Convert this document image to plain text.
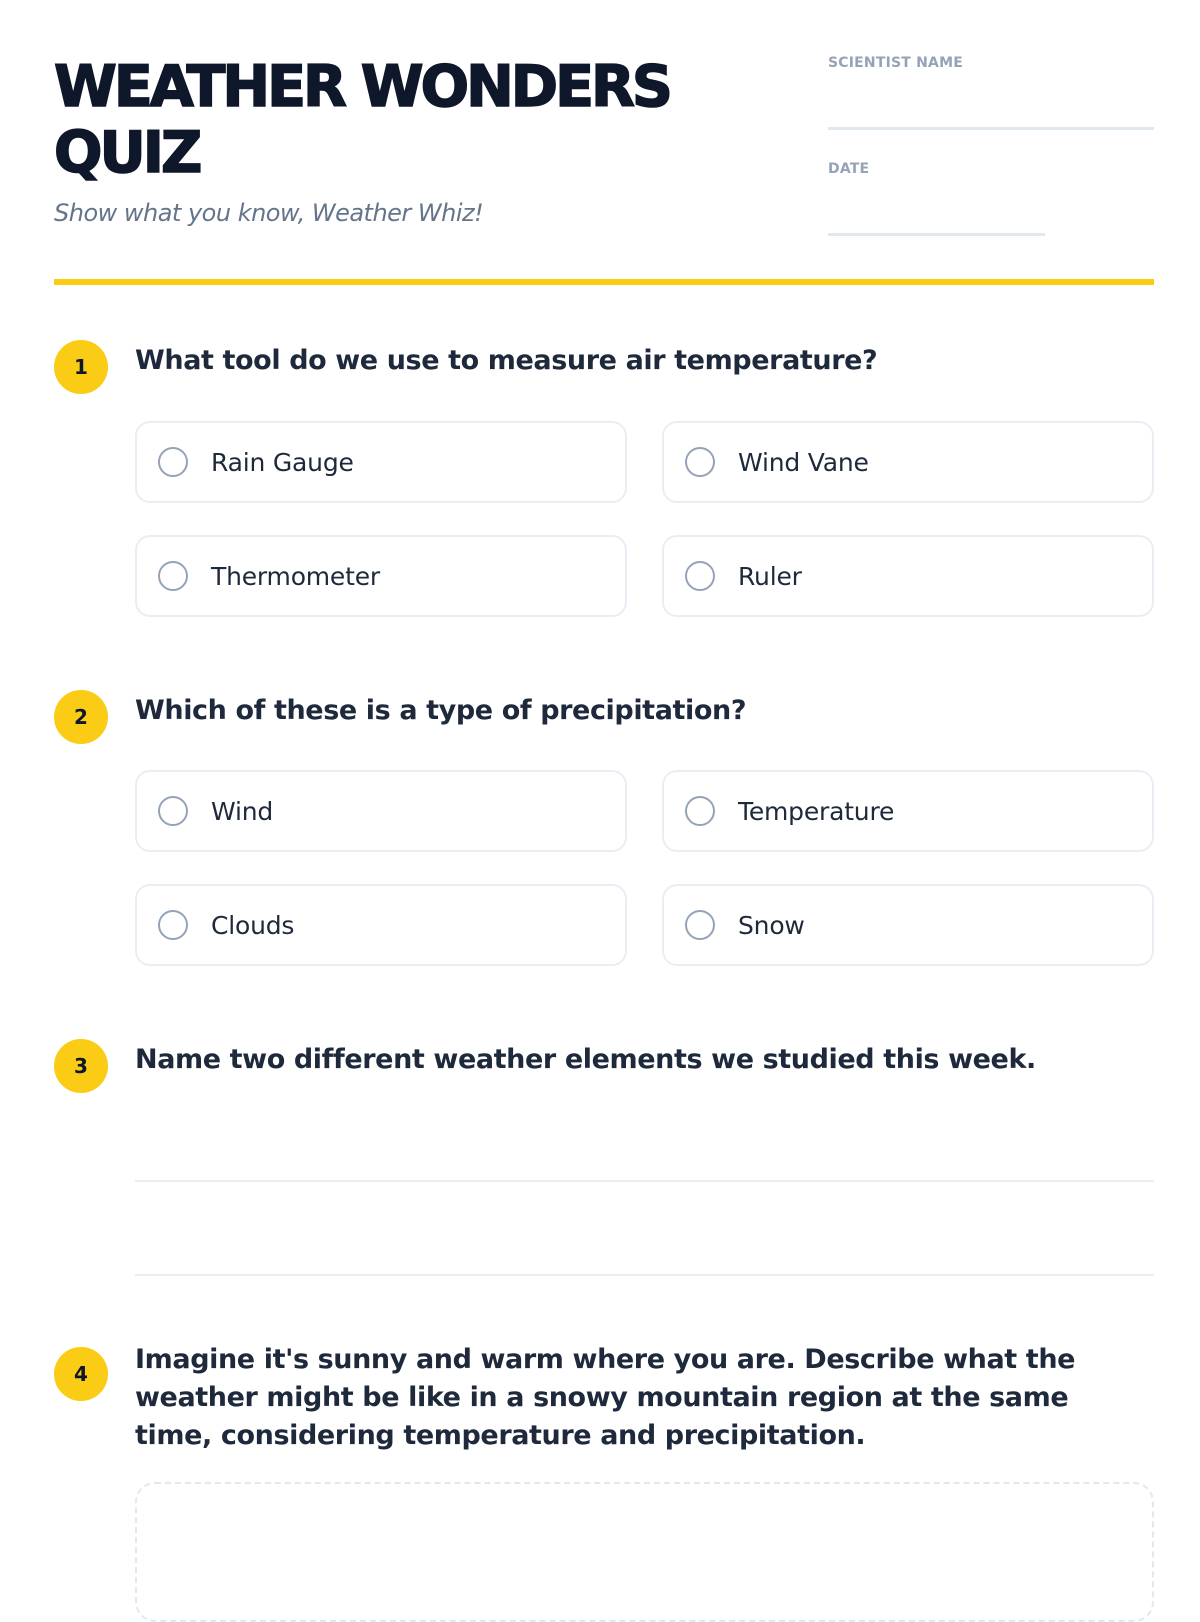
WEATHER WONDERS QUIZ

Show what you know, Weather Whiz!

SCIENTIST NAME
DATE
1	What tool do we use to measure air temperature?

Rain Gauge	Wind Vane
Thermometer	Ruler
2	Which of these is a type of precipitation?

Wind	Temperature
Clouds	Snow
3	Name two different weather elements we studied this week.

4	Imagine it's sunny and warm where you are. Describe what the weather might be like in a snowy mountain region at the same time, considering temperature and precipitation.
